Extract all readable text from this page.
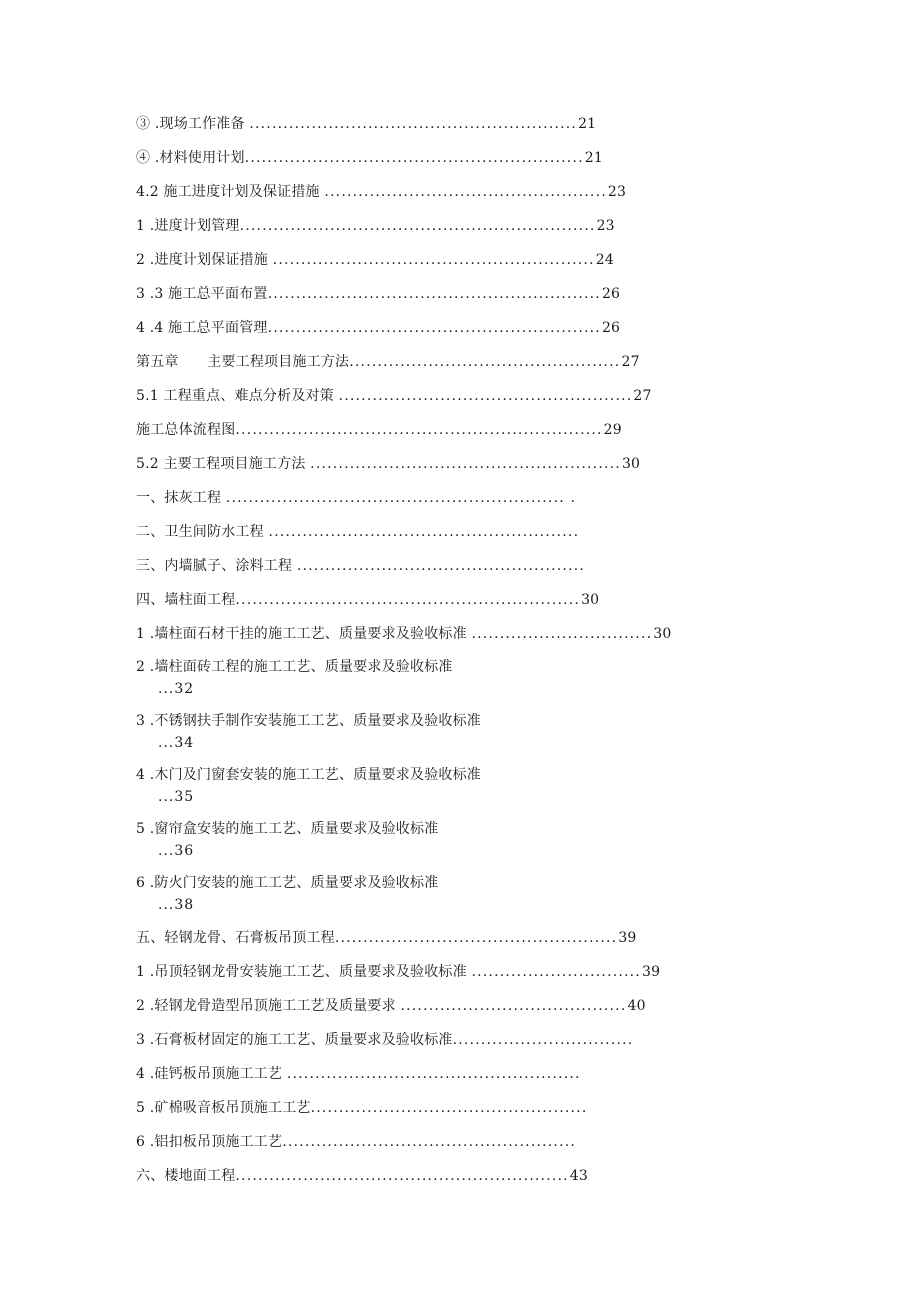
③ .现场工作准备 ..........................................................21
④ .材料使用计划............................................................21
4.2 施工进度计划及保证措施 ..................................................23
1 .进度计划管理...............................................................23
2 .进度计划保证措施 .........................................................24
3 .3 施工总平面布置...........................................................26
4 .4 施工总平面管理...........................................................26
第五章 主要工程项目施工方法................................................27
5.1 工程重点、难点分析及对策 ....................................................27
施工总体流程图.................................................................29
5.2 主要工程项目施工方法 .......................................................30
一、抹灰工程 ............................................................ .
二、卫生间防水工程 .......................................................
三、内墙腻子、涂料工程 ...................................................
四、墙柱面工程.............................................................30
1 .墙柱面石材干挂的施工工艺、质量要求及验收标准 ................................30
2 .墙柱面砖工程的施工工艺、质量要求及验收标准
...32
3 .不锈钢扶手制作安装施工工艺、质量要求及验收标准
...34
4 .木门及门窗套安装的施工工艺、质量要求及验收标准
...35
5 .窗帘盒安装的施工工艺、质量要求及验收标准
...36
6 .防火门安装的施工工艺、质量要求及验收标准
...38
五、轻钢龙骨、石膏板吊顶工程..................................................39
1 .吊顶轻钢龙骨安装施工工艺、质量要求及验收标准 ..............................39
2 .轻钢龙骨造型吊顶施工工艺及质量要求 ........................................40
3 .石膏板材固定的施工工艺、质量要求及验收标准................................
4 .硅钙板吊顶施工工艺 ....................................................
5 .矿棉吸音板吊顶施工工艺.................................................
6 .铝扣板吊顶施工工艺....................................................
六、楼地面工程...........................................................43
